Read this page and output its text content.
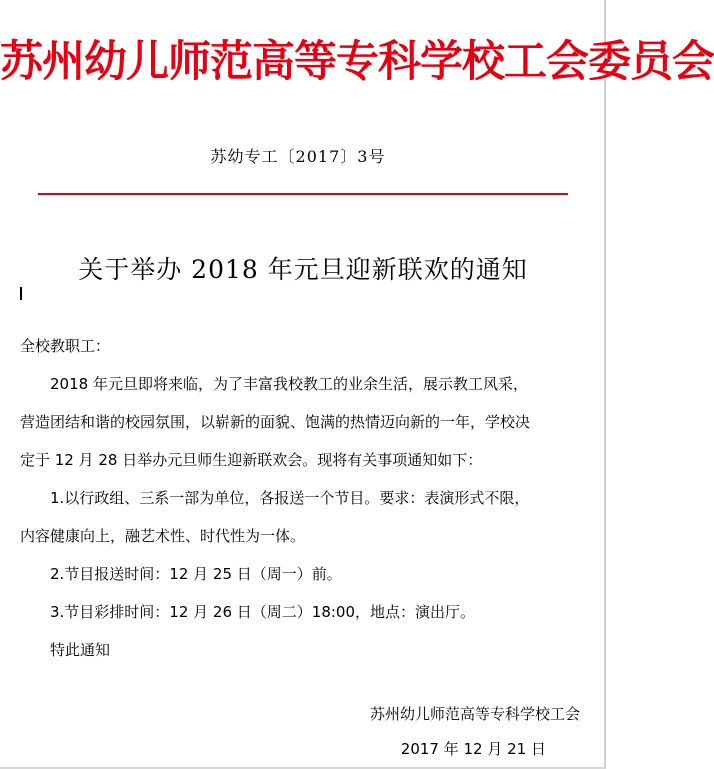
苏州幼儿师范高等专科学校工会委员会
苏幼专工〔2017〕3号
关于举办 2018 年元旦迎新联欢的通知

全校教职工：

2018 年元旦即将来临，为了丰富我校教工的业余生活，展示教工风采，

营造团结和谐的校园氛围，以崭新的面貌、饱满的热情迈向新的一年，学校决

定于 12 月 28 日举办元旦师生迎新联欢会。现将有关事项通知如下：

1.以行政组、三系一部为单位，各报送一个节目。要求：表演形式不限，

内容健康向上，融艺术性、时代性为一体。

2.节目报送时间：12 月 25 日（周一）前。

3.节目彩排时间：12 月 26 日（周二）18:00，地点：演出厅。

特此通知

苏州幼儿师范高等专科学校工会
2017 年 12 月 21 日
